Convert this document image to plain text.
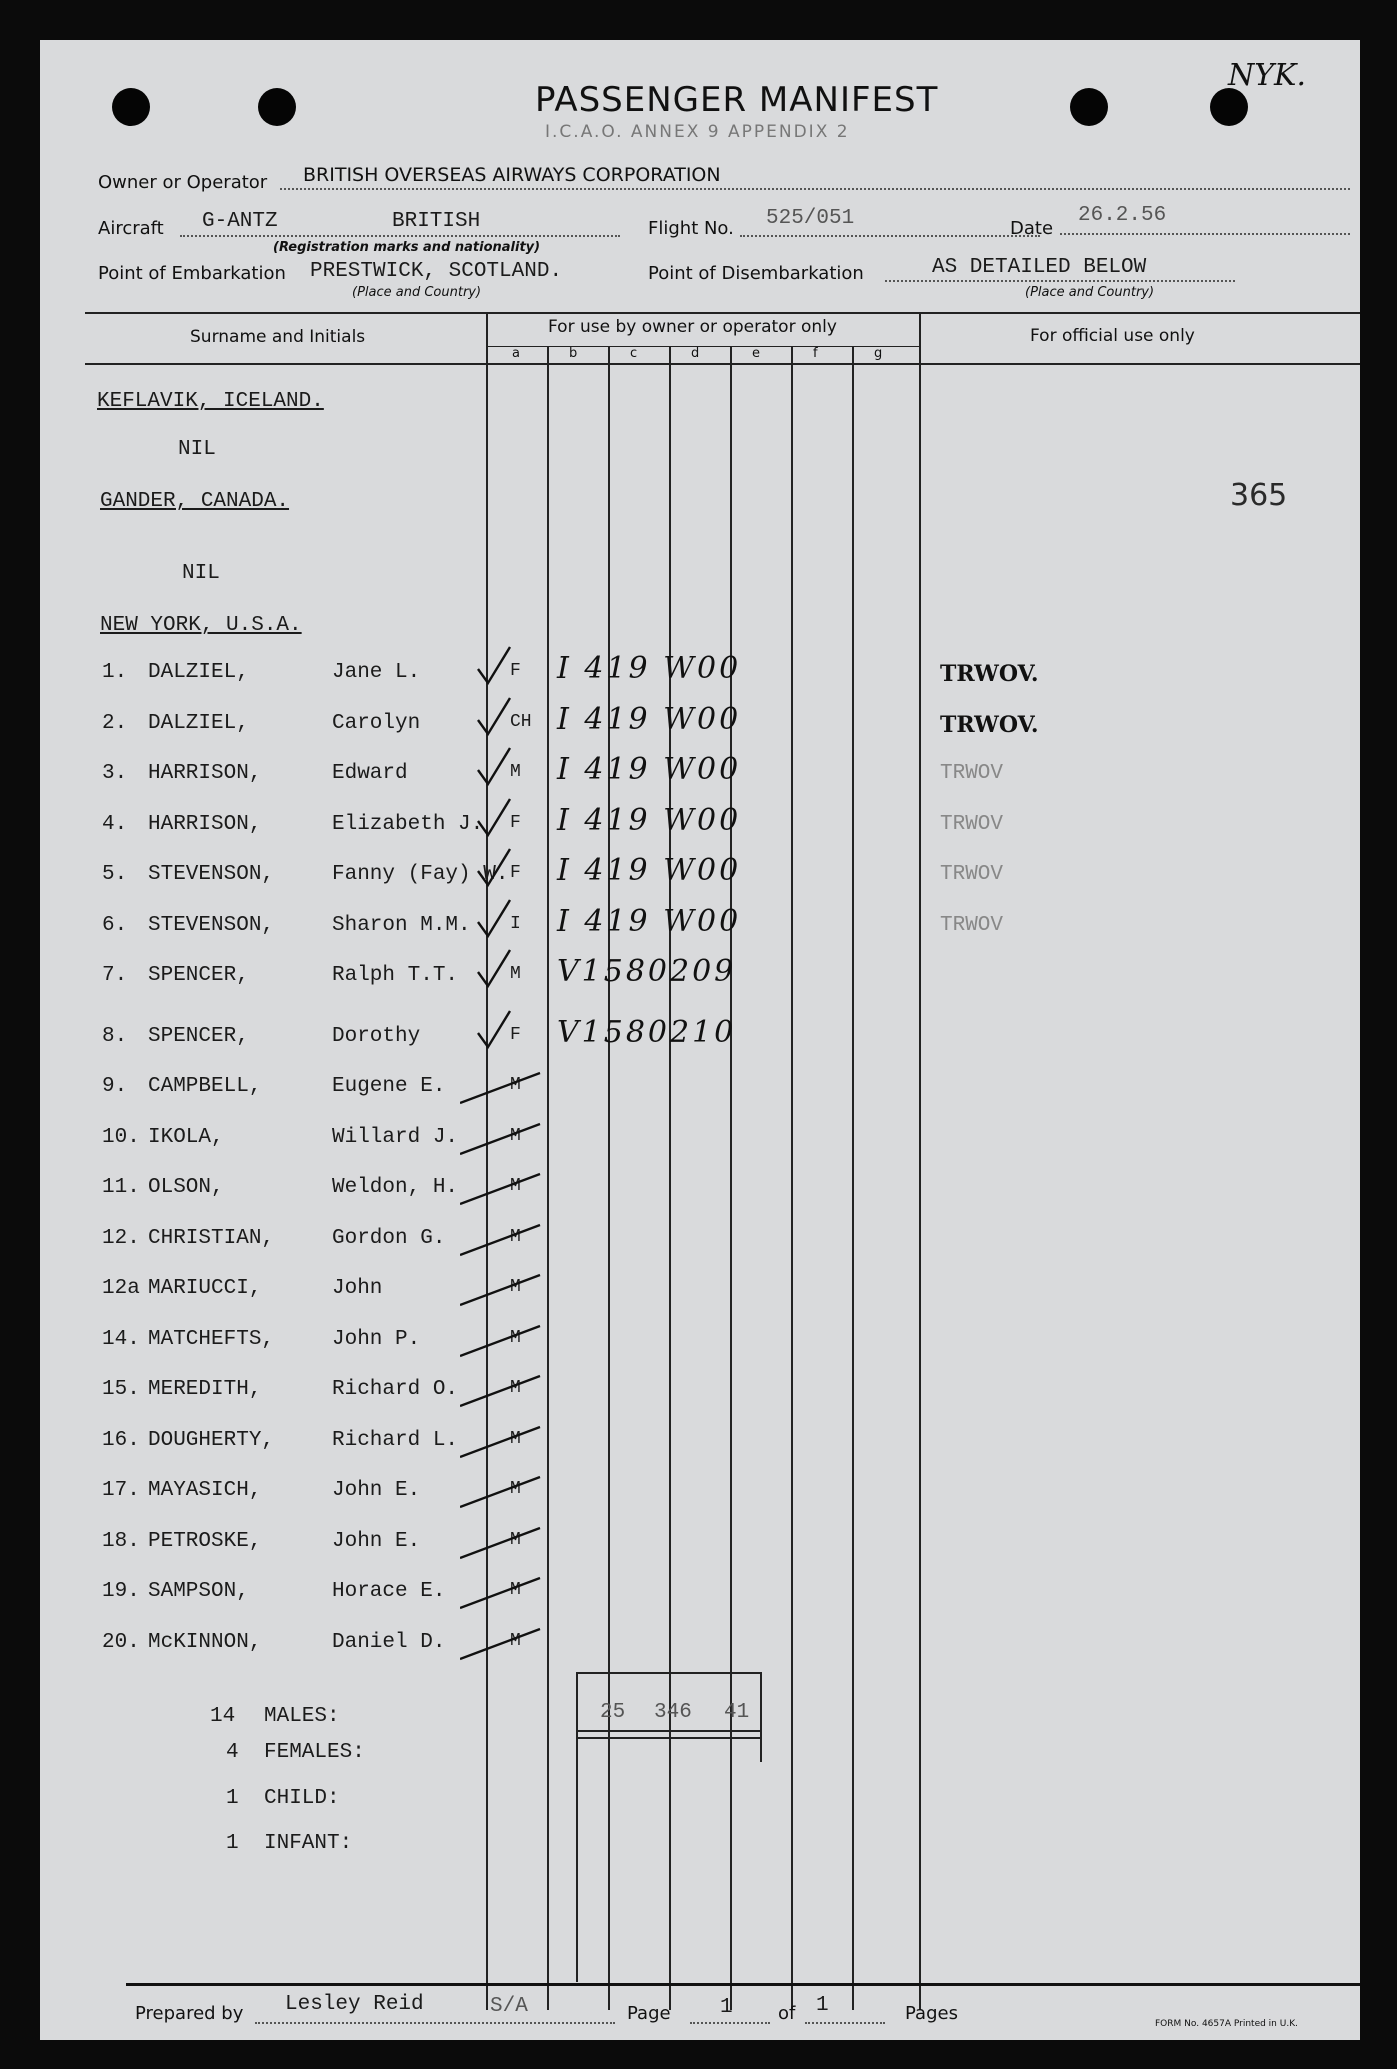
NYK.
PASSENGER MANIFEST
I.C.A.O. ANNEX 9 APPENDIX 2
Owner or Operator BRITISH OVERSEAS AIRWAYS CORPORATION
Aircraft G-ANTZ	BRITISH
(Registration marks and nationality)
Flight No. 525/051	Date
26.2.56
Point of Embarkation PRESTWICK, SCOTLAND.
(Place and Country)
Point of Disembarkation	AS DETAILED BELOW
(Place and Country)
Surname and Initials	For use by owner or operator only	For official use only
a	b	c	d	e	f	g
KEFLAVIK, ICELAND.
NIL
GANDER, CANADA.
NIL
NEW YORK, U.S.A.
365
1. DALZIEL,	Jane L.	F I 419 W00	TRWOV.
2. DALZIEL,	Carolyn	CH I 419 W00	TRWOV.
3. HARRISON,	Edward	M I 419 W00	TRWOV
4. HARRISON,	Elizabeth J. F I 419 W00	TRWOV
5. STEVENSON,	Fanny (Fay) W. F I 419 W00	TRWOV
6. STEVENSON,	Sharon M.M. I I 419 W00	TRWOV
7. SPENCER,	Ralph T.T.	M V1580209
8. SPENCER,	Dorothy	F V1580210
9. CAMPBELL,	Eugene E.	M
10. IKOLA,	Willard J.	M
11. OLSON,	Weldon, H.	M
12. CHRISTIAN,	Gordon G.	M
12a MARIUCCI,	John	M
14. MATCHEFTS,	John P.	M
15. MEREDITH,	Richard O.	M
16. DOUGHERTY,	Richard L.	M
17. MAYASICH,	John E.	M
18. PETROSKE,	John E.	M
19. SAMPSON,	Horace E.	M
20. McKINNON,	Daniel D.	M
25 346 41
14 MALES:
4 FEMALES:
1 CHILD:
1 INFANT:
Prepared by Lesley Reid	S/A	Page 1	of 1	Pages	FORM No. 4657A Printed in U.K.
